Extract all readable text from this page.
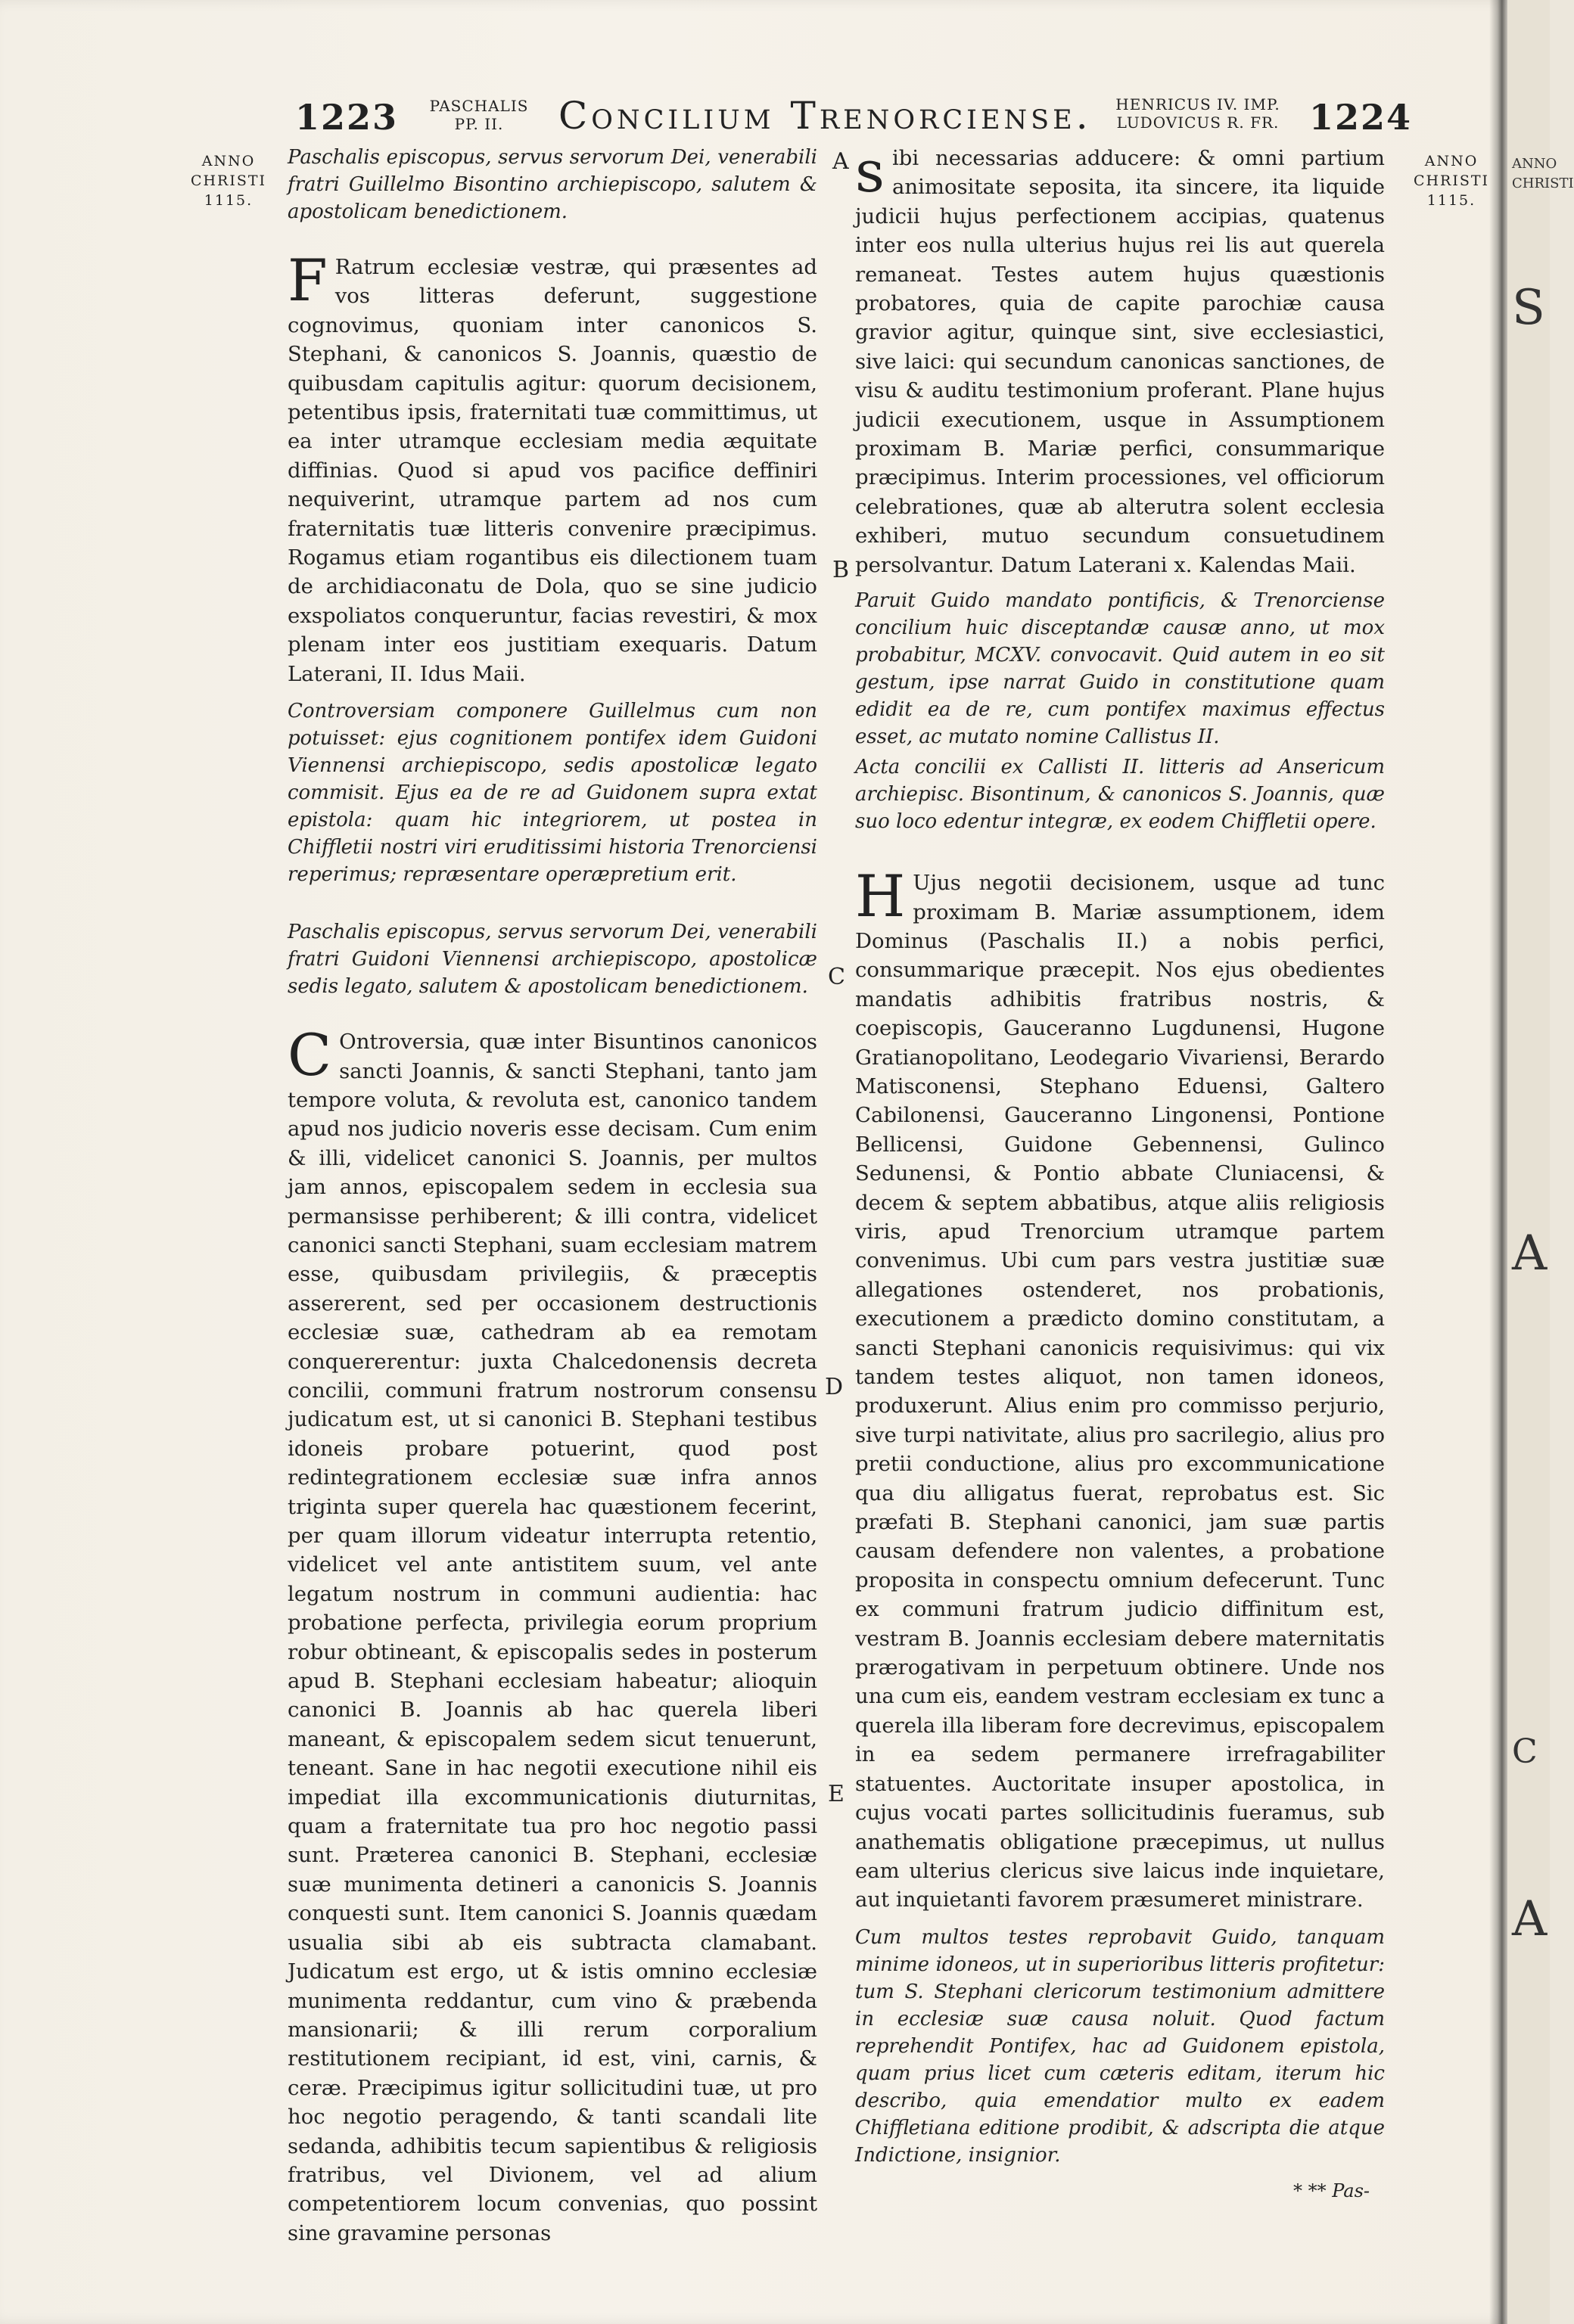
1223	PASCHALIS
PP. II.	Concilium Trenorciense.	HENRICUS IV. IMP.
LUDOVICUS R. FR. 1224
ANNO
CHRISTI
1115.
ANNO
CHRISTI
1115.
A
B
C
D
E

Paschalis episcopus, servus servorum Dei, venerabili fratri Guillelmo Bisontino archiepiscopo, salutem & apostolicam benedictionem.

FRatrum ecclesiæ vestræ, qui præsentes ad vos litteras deferunt, suggestione cognovimus, quoniam inter canonicos S. Stephani, & canonicos S. Joannis, quæstio de quibusdam capitulis agitur: quorum decisionem, petentibus ipsis, fraternitati tuæ committimus, ut ea inter utramque ecclesiam media æquitate diffinias. Quod si apud vos pacifice deffiniri nequiverint, utramque partem ad nos cum fraternitatis tuæ litteris convenire præcipimus. Rogamus etiam rogantibus eis dilectionem tuam de archidiaconatu de Dola, quo se sine judicio exspoliatos conqueruntur, facias revestiri, & mox plenam inter eos justitiam exequaris. Datum Laterani, II. Idus Maii.

Controversiam componere Guillelmus cum non potuisset: ejus cognitionem pontifex idem Guidoni Viennensi archiepiscopo, sedis apostolicæ legato commisit. Ejus ea de re ad Guidonem supra extat epistola: quam hic integriorem, ut postea in Chiffletii nostri viri eruditissimi historia Trenorciensi reperimus; repræsentare operæpretium erit.

Paschalis episcopus, servus servorum Dei, venerabili fratri Guidoni Viennensi archiepiscopo, apostolicæ sedis legato, salutem & apostolicam benedictionem.

COntroversia, quæ inter Bisuntinos canonicos sancti Joannis, & sancti Stephani, tanto jam tempore voluta, & revoluta est, canonico tandem apud nos judicio noveris esse decisam. Cum enim & illi, videlicet canonici S. Joannis, per multos jam annos, episcopalem sedem in ecclesia sua permansisse perhiberent; & illi contra, videlicet canonici sancti Stephani, suam ecclesiam matrem esse, quibusdam privilegiis, & præceptis assererent, sed per occasionem destructionis ecclesiæ suæ, cathedram ab ea remotam conquererentur: juxta Chalcedonensis decreta concilii, communi fratrum nostrorum consensu judicatum est, ut si canonici B. Stephani testibus idoneis probare potuerint, quod post redintegrationem ecclesiæ suæ infra annos triginta super querela hac quæstionem fecerint, per quam illorum videatur interrupta retentio, videlicet vel ante antistitem suum, vel ante legatum nostrum in communi audientia: hac probatione perfecta, privilegia eorum proprium robur obtineant, & episcopalis sedes in posterum apud B. Stephani ecclesiam habeatur; alioquin canonici B. Joannis ab hac querela liberi maneant, & episcopalem sedem sicut tenuerunt, teneant. Sane in hac negotii executione nihil eis impediat illa excommunicationis diuturnitas, quam a fraternitate tua pro hoc negotio passi sunt. Præterea canonici B. Stephani, ecclesiæ suæ munimenta detineri a canonicis S. Joannis conquesti sunt. Item canonici S. Joannis quædam usualia sibi ab eis subtracta clamabant. Judicatum est ergo, ut & istis omnino ecclesiæ munimenta reddantur, cum vino & præbenda mansionarii; & illi rerum corporalium restitutionem recipiant, id est, vini, carnis, & ceræ. Præcipimus igitur sollicitudini tuæ, ut pro hoc negotio peragendo, & tanti scandali lite sedanda, adhibitis tecum sapientibus & religiosis fratribus, vel Divionem, vel ad alium competentiorem locum convenias, quo possint sine gravamine personas

sibi necessarias adducere: & omni partium animositate seposita, ita sincere, ita liquide judicii hujus perfectionem accipias, quatenus inter eos nulla ulterius hujus rei lis aut querela remaneat. Testes autem hujus quæstionis probatores, quia de capite parochiæ causa gravior agitur, quinque sint, sive ecclesiastici, sive laici: qui secundum canonicas sanctiones, de visu & auditu testimonium proferant. Plane hujus judicii executionem, usque in Assumptionem proximam B. Mariæ perfici, consummarique præcipimus. Interim processiones, vel officiorum celebrationes, quæ ab alterutra solent ecclesia exhiberi, mutuo secundum consuetudinem persolvantur. Datum Laterani x. Kalendas Maii.

Paruit Guido mandato pontificis, & Trenorciense concilium huic disceptandæ causæ anno, ut mox probabitur, MCXV. convocavit. Quid autem in eo sit gestum, ipse narrat Guido in constitutione quam edidit ea de re, cum pontifex maximus effectus esset, ac mutato nomine Callistus II.

Acta concilii ex Callisti II. litteris ad Ansericum archiepisc. Bisontinum, & canonicos S. Joannis, quæ suo loco edentur integræ, ex eodem Chiffletii opere.

HUjus negotii decisionem, usque ad tunc proximam B. Mariæ assumptionem, idem Dominus (Paschalis II.) a nobis perfici, consummarique præcepit. Nos ejus obedientes mandatis adhibitis fratribus nostris, & coepiscopis, Gauceranno Lugdunensi, Hugone Gratianopolitano, Leodegario Vivariensi, Berardo Matisconensi, Stephano Eduensi, Galtero Cabilonensi, Gauceranno Lingonensi, Pontione Bellicensi, Guidone Gebennensi, Gulinco Sedunensi, & Pontio abbate Cluniacensi, & decem & septem abbatibus, atque aliis religiosis viris, apud Trenorcium utramque partem convenimus. Ubi cum pars vestra justitiæ suæ allegationes ostenderet, nos probationis, executionem a prædicto domino constitutam, a sancti Stephani canonicis requisivimus: qui vix tandem testes aliquot, non tamen idoneos, produxerunt. Alius enim pro commisso perjurio, sive turpi nativitate, alius pro sacrilegio, alius pro pretii conductione, alius pro excommunicatione qua diu alligatus fuerat, reprobatus est. Sic præfati B. Stephani canonici, jam suæ partis causam defendere non valentes, a probatione proposita in conspectu omnium defecerunt. Tunc ex communi fratrum judicio diffinitum est, vestram B. Joannis ecclesiam debere maternitatis prærogativam in perpetuum obtinere. Unde nos una cum eis, eandem vestram ecclesiam ex tunc a querela illa liberam fore decrevimus, episcopalem in ea sedem permanere irrefragabiliter statuentes. Auctoritate insuper apostolica, in cujus vocati partes sollicitudinis fueramus, sub anathematis obligatione præcepimus, ut nullus eam ulterius clericus sive laicus inde inquietare, aut inquietanti favorem præsumeret ministrare.

Cum multos testes reprobavit Guido, tanquam minime idoneos, ut in superioribus litteris profitetur: tum S. Stephani clericorum testimonium admittere in ecclesiæ suæ causa noluit. Quod factum reprehendit Pontifex, hac ad Guidonem epistola, quam prius licet cum cæteris editam, iterum hic describo, quia emendatior multo ex eadem Chiffletiana editione prodibit, & adscripta die atque Indictione, insignior.

* ** Pas-
ANNO
CHRISTI
S
A
C
A
